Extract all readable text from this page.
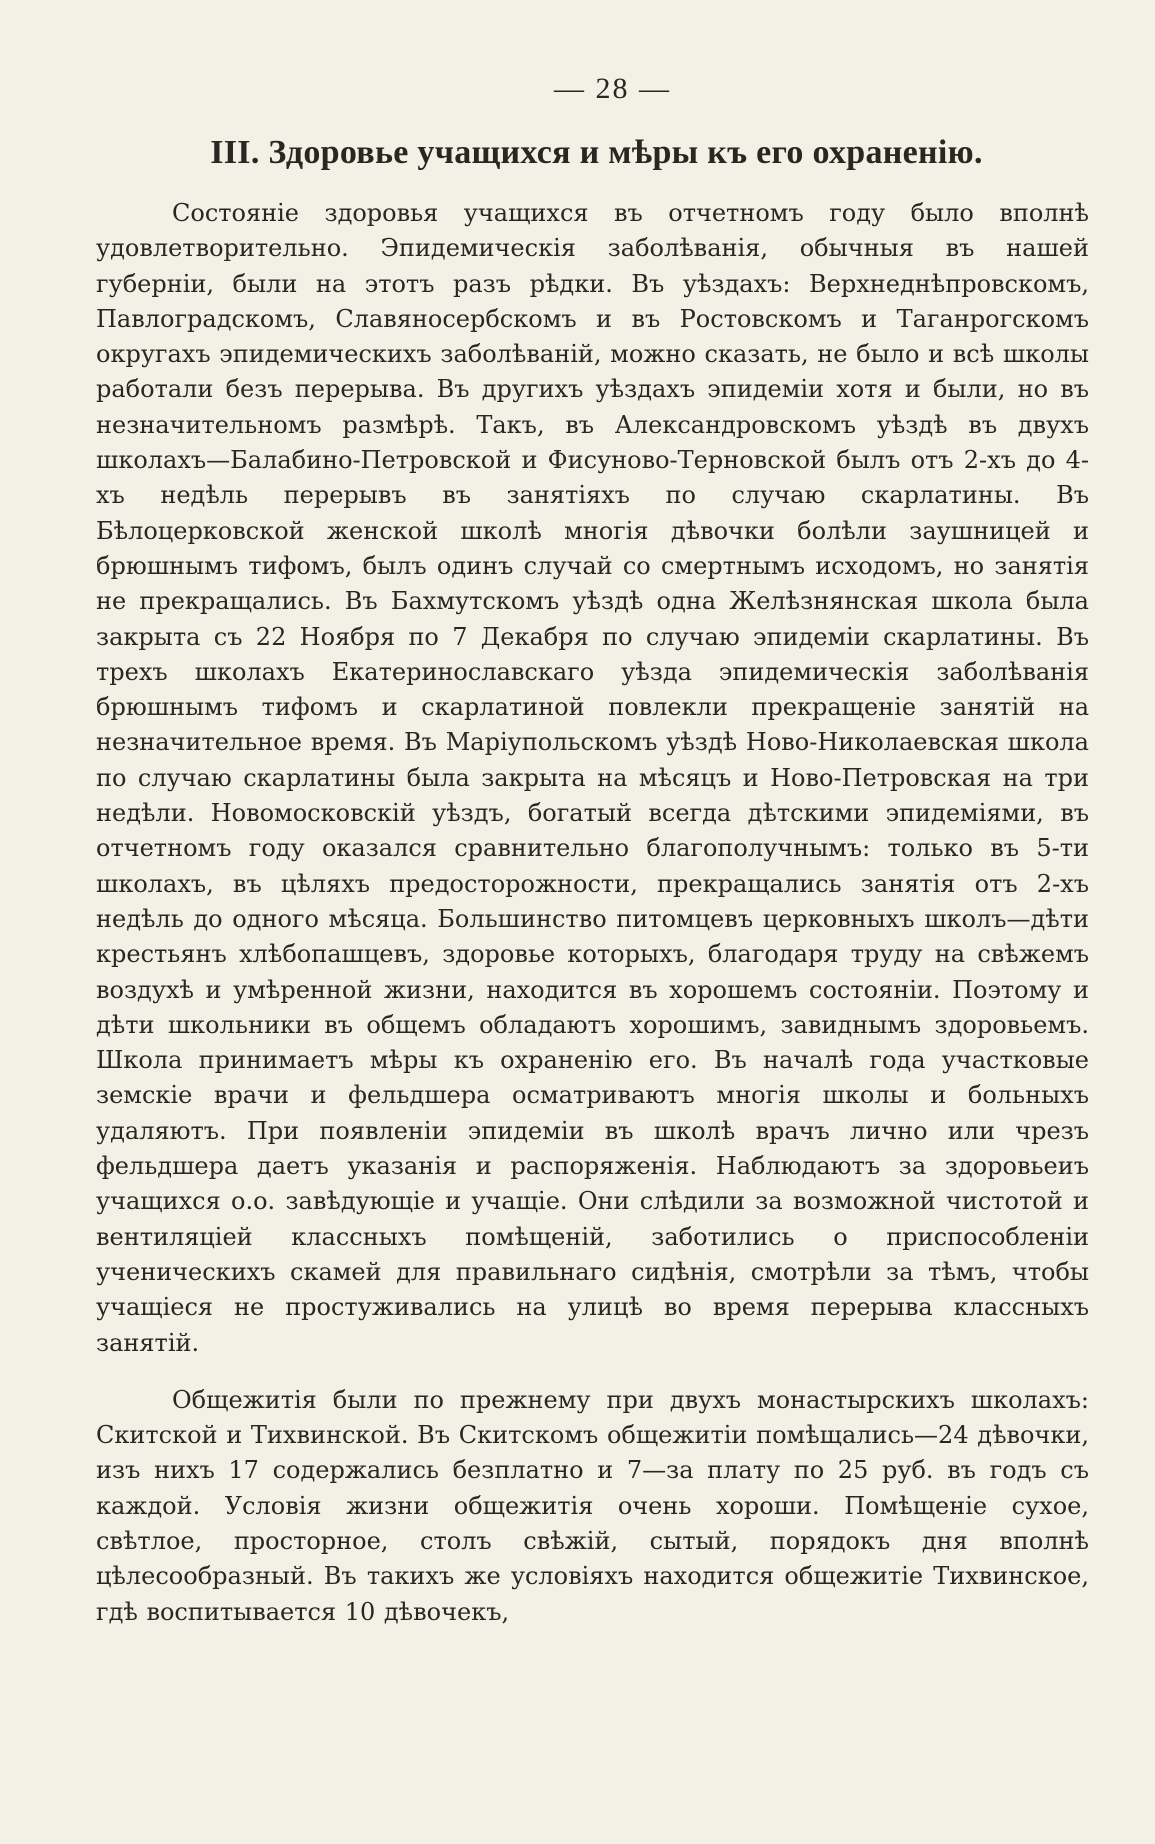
— 28 —
III. Здоровье учащихся и мѣры къ его охраненію.

Состояніе здоровья учащихся въ отчетномъ году было вполнѣ удовлетворительно. Эпидемическія заболѣванія, обычныя въ нашей губерніи, были на этотъ разъ рѣдки. Въ уѣздахъ: Верхнеднѣпровскомъ, Павлоградскомъ, Славяносербскомъ и въ Ростовскомъ и Таганрогскомъ округахъ эпидемическихъ заболѣваній, можно сказать, не было и всѣ школы работали безъ перерыва. Въ другихъ уѣздахъ эпидеміи хотя и были, но въ незначительномъ размѣрѣ. Такъ, въ Александровскомъ уѣздѣ въ двухъ школахъ—Балабино-Петровской и Фисуново-Терновской былъ отъ 2-хъ до 4-хъ недѣль перерывъ въ занятіяхъ по случаю скарлатины. Въ Бѣлоцерковской женской школѣ многія дѣвочки болѣли заушницей и брюшнымъ тифомъ, былъ одинъ случай со смертнымъ исходомъ, но занятія не прекращались. Въ Бахмутскомъ уѣздѣ одна Желѣзнянская школа была закрыта съ 22 Ноября по 7 Декабря по случаю эпидеміи скарлатины. Въ трехъ школахъ Екатеринославскаго уѣзда эпидемическія заболѣванія брюшнымъ тифомъ и скарлатиной повлекли прекращеніе занятій на незначительное время. Въ Маріупольскомъ уѣздѣ Ново-Николаевская школа по случаю скарлатины была закрыта на мѣсяцъ и Ново-Петровская на три недѣли. Новомосковскій уѣздъ, богатый всегда дѣтскими эпидеміями, въ отчетномъ году оказался сравнительно благополучнымъ: только въ 5-ти школахъ, въ цѣляхъ предосторожности, прекращались занятія отъ 2-хъ недѣль до одного мѣсяца. Большинство питомцевъ церковныхъ школъ—дѣти крестьянъ хлѣбопашцевъ, здоровье которыхъ, благодаря труду на свѣжемъ воздухѣ и умѣренной жизни, находится въ хорошемъ состояніи. Поэтому и дѣти школьники въ общемъ обладаютъ хорошимъ, завиднымъ здоровьемъ. Школа принимаетъ мѣры къ охраненію его. Въ началѣ года участковые земскіе врачи и фельдшера осматриваютъ многія школы и больныхъ удаляютъ. При появленіи эпидеміи въ школѣ врачъ лично или чрезъ фельдшера даетъ указанія и распоряженія. Наблюдаютъ за здоровьеиъ учащихся о.о. завѣдующіе и учащіе. Они слѣдили за возможной чистотой и вентиляціей классныхъ помѣщеній, заботились о приспособленіи ученическихъ скамей для правильнаго сидѣнія, смотрѣли за тѣмъ, чтобы учащіеся не простуживались на улицѣ во время перерыва классныхъ занятій.

Общежитія были по прежнему при двухъ монастырскихъ школахъ: Скитской и Тихвинской. Въ Скитскомъ общежитіи помѣщались—24 дѣвочки, изъ нихъ 17 содержались безплатно и 7—за плату по 25 руб. въ годъ съ каждой. Условія жизни общежитія очень хороши. Помѣщеніе сухое, свѣтлое, просторное, столъ свѣжій, сытый, порядокъ дня вполнѣ цѣлесообразный. Въ такихъ же условіяхъ находится общежитіе Тихвинское, гдѣ воспитывается 10 дѣвочекъ,
